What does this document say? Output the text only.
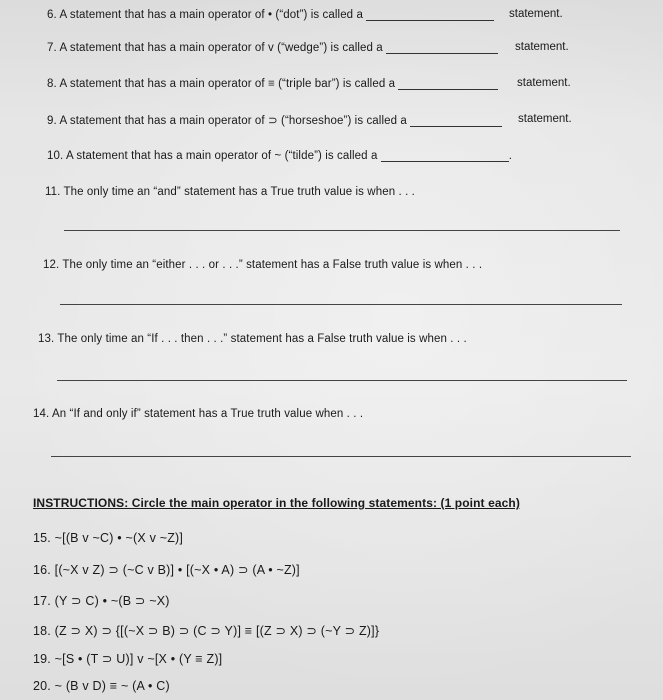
6. A statement that has a main operator of • (“dot”) is called a	statement.
7. A statement that has a main operator of v (“wedge”) is called a	statement.
8. A statement that has a main operator of ≡ (“triple bar”) is called a	statement.
9. A statement that has a main operator of ⊃ (“horseshoe”) is called a	statement.
10. A statement that has a main operator of ~ (“tilde”) is called a	.
11. The only time an “and” statement has a True truth value is when . . .
12. The only time an “either . . . or . . .” statement has a False truth value is when . . .
13. The only time an “If . . . then . . .” statement has a False truth value is when . . .
14. An “If and only if” statement has a True truth value when . . .
INSTRUCTIONS: Circle the main operator in the following statements: (1 point each)
15. ~[(B v ~C) • ~(X v ~Z)]
16. [(~X v Z) ⊃ (~C v B)] • [(~X • A) ⊃ (A • ~Z)]
17. (Y ⊃ C) • ~(B ⊃ ~X)
18. (Z ⊃ X) ⊃ {[(~X ⊃ B) ⊃ (C ⊃ Y)] ≡ [(Z ⊃ X) ⊃ (~Y ⊃ Z)]}
19. ~[S • (T ⊃ U)] v ~[X • (Y ≡ Z)]
20. ~ (B v D) ≡ ~ (A • C)
